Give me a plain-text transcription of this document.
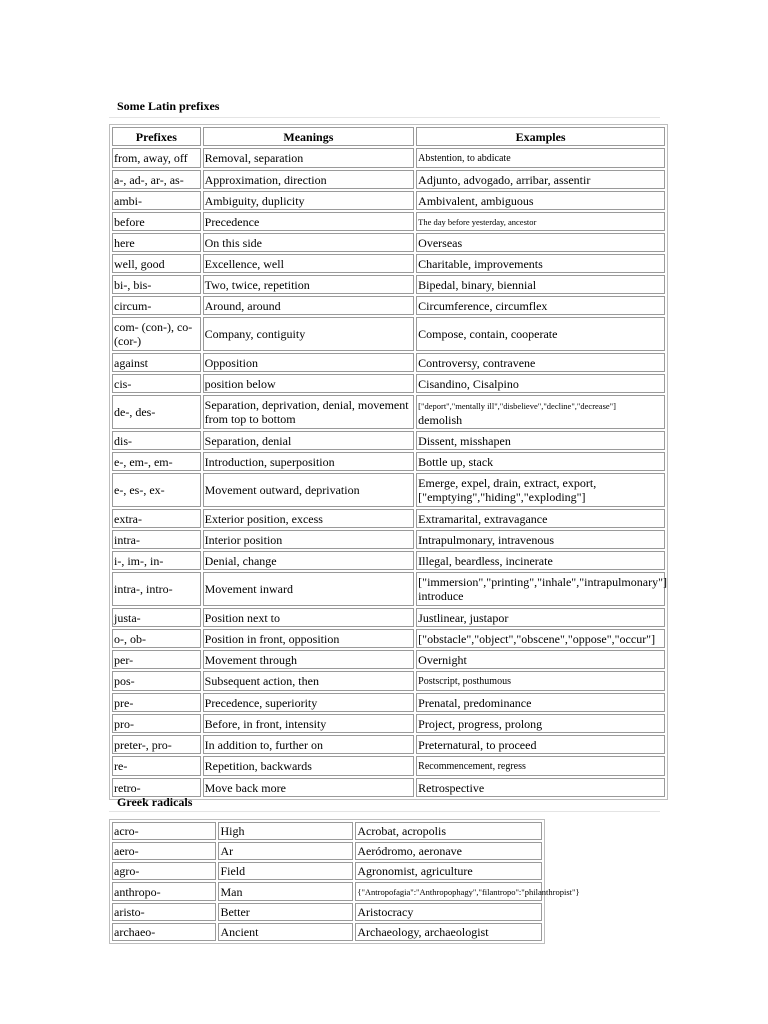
Some Latin prefixes
Prefixes	Meanings	Examples
from, away, off	Removal, separation	Abstention, to abdicate
a-, ad-, ar-, as-	Approximation, direction	Adjunto, advogado, arribar, assentir
ambi-	Ambiguity, duplicity	Ambivalent, ambiguous
before	Precedence	The day before yesterday, ancestor
here	On this side	Overseas
well, good	Excellence, well	Charitable, improvements
bi-, bis-	Two, twice, repetition	Bipedal, binary, biennial
circum-	Around, around	Circumference, circumflex
com- (con-), co-(cor-)	Company, contiguity	Compose, contain, cooperate
against	Opposition	Controversy, contravene
cis-	position below	Cisandino, Cisalpino
de-, des-	Separation, deprivation, denial, movement from top to bottom	["deport","mentally ill","disbelieve","decline","decrease"]
demolish
dis-	Separation, denial	Dissent, misshapen
e-, em-, em-	Introduction, superposition	Bottle up, stack
e-, es-, ex-	Movement outward, deprivation	Emerge, expel, drain, extract, export,
["emptying","hiding","exploding"]
extra-	Exterior position, excess	Extramarital, extravagance
intra-	Interior position	Intrapulmonary, intravenous
i-, im-, in-	Denial, change	Illegal, beardless, incinerate
intra-, intro-	Movement inward	["immersion","printing","inhale","intrapulmonary"]
introduce
justa-	Position next to	Justlinear, justapor
o-, ob-	Position in front, opposition	["obstacle","object","obscene","oppose","occur"]
per-	Movement through	Overnight
pos-	Subsequent action, then	Postscript, posthumous
pre-	Precedence, superiority	Prenatal, predominance
pro-	Before, in front, intensity	Project, progress, prolong
preter-, pro-	In addition to, further on	Preternatural, to proceed
re-	Repetition, backwards	Recommencement, regress
retro-	Move back more	Retrospective
Greek radicals
acro-	High	Acrobat, acropolis
aero-	Ar	Aeródromo, aeronave
agro-	Field	Agronomist, agriculture
anthropo-	Man	{"Antropofagia":"Anthropophagy","filantropo":"philanthropist"}
aristo-	Better	Aristocracy
archaeo-	Ancient	Archaeology, archaeologist
